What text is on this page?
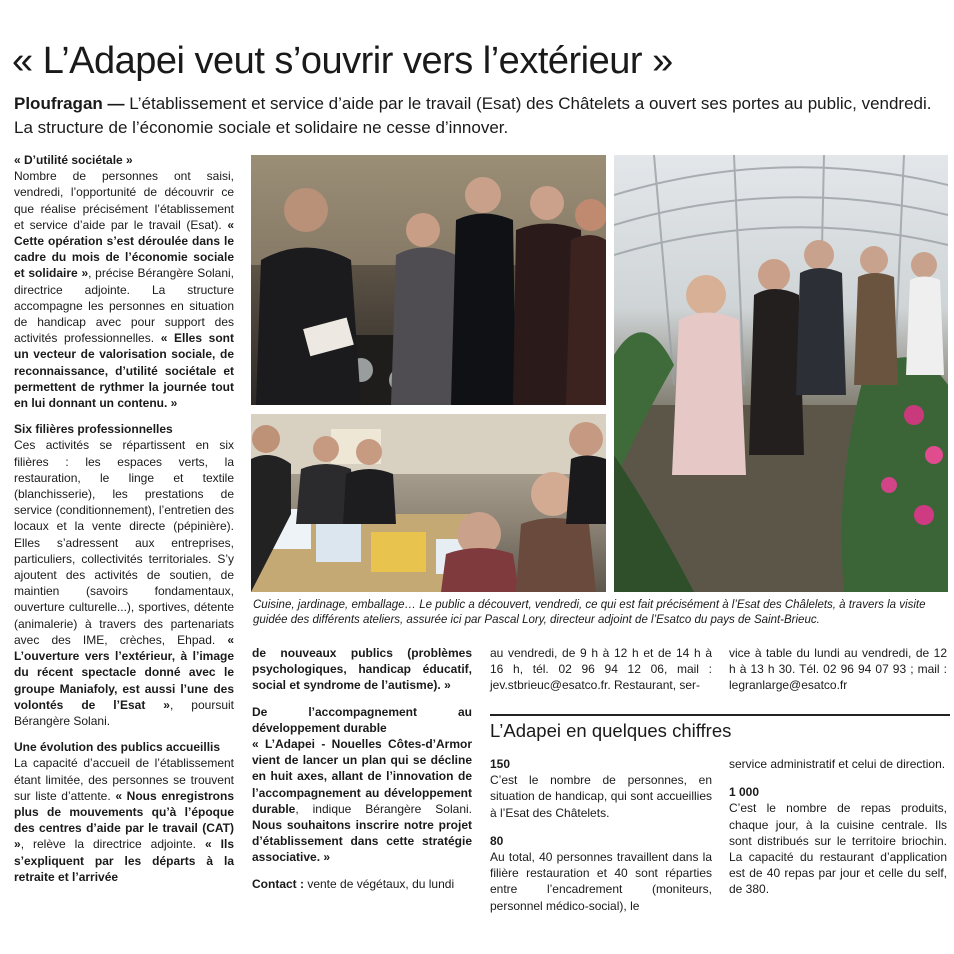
« L’Adapei veut s’ouvrir vers l’extérieur »
Ploufragan — L’établissement et service d’aide par le travail (Esat) des Châtelets a ouvert ses portes au public, vendredi. La structure de l’économie sociale et solidaire ne cesse d’innover.

« D’utilité sociétale »

Nombre de personnes ont saisi, vendredi, l’opportunité de découvrir ce que réalise précisément l’établissement et service d’aide par le travail (Esat). « Cette opération s’est déroulée dans le cadre du mois de l’économie sociale et solidaire », précise Bérangère Solani, directrice adjointe. La structure accompagne les personnes en situation de handicap avec pour support des activités professionnelles. « Elles sont un vecteur de valorisation sociale, de reconnaissance, d’utilité sociétale et permettent de rythmer la journée tout en lui donnant un contenu. »

Six filières professionnelles

Ces activités se répartissent en six filières : les espaces verts, la restauration, le linge et textile (blanchisserie), les prestations de service (conditionnement), l’entretien des locaux et la vente directe (pépinière). Elles s’adressent aux entreprises, particuliers, collectivités territoriales. S’y ajoutent des activités de soutien, de maintien (savoirs fondamentaux, ouverture culturelle...), sportives, détente (animalerie) à travers des partenariats avec des IME, crèches, Ehpad. « L’ouverture vers l’extérieur, à l’image du récent spectacle donné avec le groupe Maniafoly, est aussi l’une des volontés de l’Esat », poursuit Bérangère Solani.

Une évolution des publics accueillis

La capacité d’accueil de l’établissement étant limitée, des personnes se trouvent sur liste d’attente. « Nous enregistrons plus de mouvements qu’à l’époque des centres d’aide par le travail (CAT) », relève la directrice adjointe. « Ils s’expliquent par les départs à la retraite et l’arrivée

Cuisine, jardinage, emballage… Le public a découvert, vendredi, ce qui est fait précisément à l’Esat des Châlelets, à travers la visite guidée des différents ateliers, assurée ici par Pascal Lory, directeur adjoint de l’Esatco du pays de Saint-Brieuc.

de nouveaux publics (problèmes psychologiques, handicap éducatif, social et syndrome de l’autisme). »

De l’accompagnement au développement durable

« L’Adapei - Nouelles Côtes-d’Armor vient de lancer un plan qui se décline en huit axes, allant de l’innovation de l’accompagnement au développement durable, indique Bérangère Solani. Nous souhaitons inscrire notre projet d’établissement dans cette stratégie associative. »

Contact : vente de végétaux, du lundi

au vendredi, de 9 h à 12 h et de 14 h à 16 h, tél. 02 96 94 12 06, mail : jev.stbrieuc@esatco.fr. Restaurant, ser-

vice à table du lundi au vendredi, de 12 h à 13 h 30. Tél. 02 96 94 07 93 ; mail : legranlarge@esatco.fr

L’Adapei en quelques chiffres

150

C’est le nombre de personnes, en situation de handicap, qui sont accueillies à l’Esat des Châtelets.

80

Au total, 40 personnes travaillent dans la filière restauration et 40 sont réparties entre l’encadrement (moniteurs, personnel médico-social), le

service administratif et celui de direction.

1 000

C’est le nombre de repas produits, chaque jour, à la cuisine centrale. Ils sont distribués sur le territoire briochin. La capacité du restaurant d’application est de 40 repas par jour et celle du self, de 380.
